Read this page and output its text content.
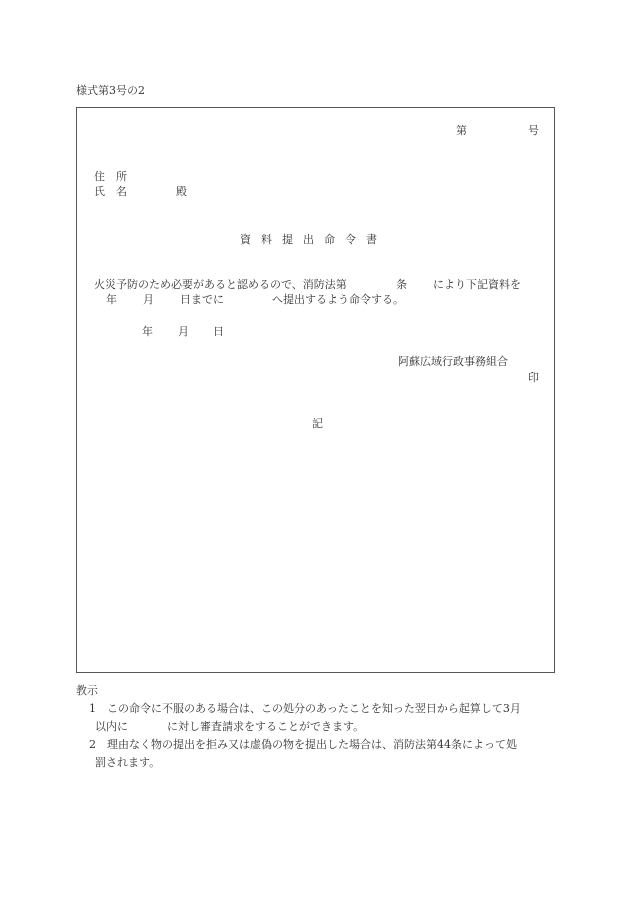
様式第3号の2
第	号
住　所
氏　名	殿
資料提出命令書
火災予防のため必要があると認めるので、消防法第	条 により下記資料を
年 月 日までに	へ提出するよう命令する。
年 月 日
阿蘇広域行政事務組合
印
記
教示
1 この命令に不服のある場合は、この処分のあったことを知った翌日から起算して3月
以内に	に対し審査請求をすることができます。
2 理由なく物の提出を拒み又は虚偽の物を提出した場合は、消防法第44条によって処
罰されます。
